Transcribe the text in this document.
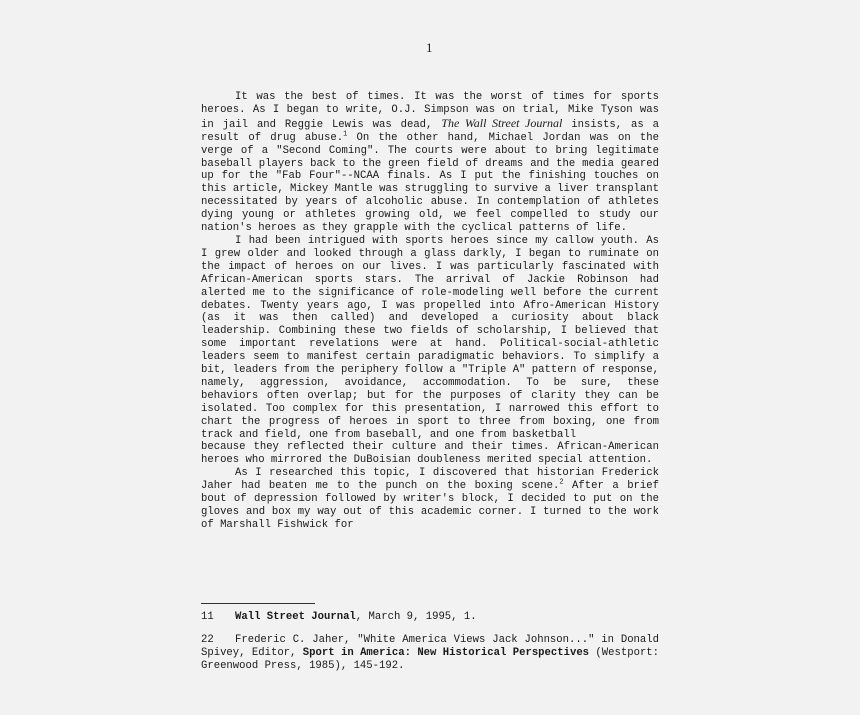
1

It was the best of times. It was the worst of times for sports heroes. As I began to write, O.J. Simpson was on trial, Mike Tyson was in jail and Reggie Lewis was dead, The Wall Street Journal insists, as a result of drug abuse.$^1$ On the other hand, Michael Jordan was on the verge of a "Second Coming". The courts were about to bring legitimate baseball players back to the green field of dreams and the media geared up for the "Fab Four"--NCAA finals. As I put the finishing touches on this article, Mickey Mantle was struggling to survive a liver transplant necessitated by years of alcoholic abuse. In contemplation of athletes dying young or athletes growing old, we feel compelled to study our nation's heroes as they grapple with the cyclical patterns of life.

I had been intrigued with sports heroes since my callow youth. As I grew older and looked through a glass darkly, I began to ruminate on the impact of heroes on our lives. I was particularly fascinated with African-American sports stars. The arrival of Jackie Robinson had alerted me to the significance of role-modeling well before the current debates. Twenty years ago, I was propelled into Afro-American History (as it was then called) and developed a curiosity about black leadership. Combining these two fields of scholarship, I believed that some important revelations were at hand. Political-social-athletic leaders seem to manifest certain paradigmatic behaviors. To simplify a bit, leaders from the periphery follow a "Triple A" pattern of response, namely, aggression, avoidance, accommodation. To be sure, these behaviors often overlap; but for the purposes of clarity they can be isolated. Too complex for this presentation, I narrowed this effort to chart the progress of heroes in sport to three from boxing, one from track and field, one from baseball, and one from basketball

because they reflected their culture and their times. African-American heroes who mirrored the DuBoisian doubleness merited special attention.

As I researched this topic, I discovered that historian Frederick Jaher had beaten me to the punch on the boxing scene.$^2$ After a brief bout of depression followed by writer's block, I decided to put on the gloves and box my way out of this academic corner. I turned to the work of Marshall Fishwick for

11 Wall Street Journal, March 9, 1995, 1.

22 Frederic C. Jaher, "White America Views Jack Johnson..." in Donald Spivey, Editor, Sport in America: New Historical Perspectives (Westport: Greenwood Press, 1985), 145-192.
